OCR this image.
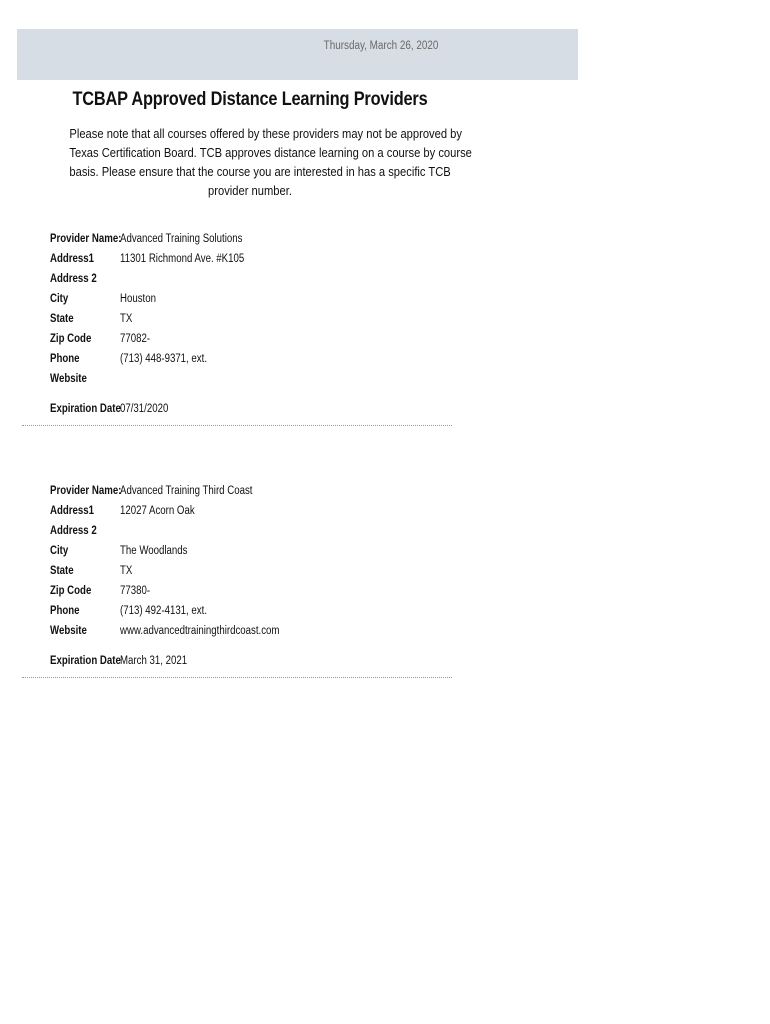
Thursday, March 26, 2020
TCBAP Approved Distance Learning Providers
Please note that all courses offered by these providers may not be approved by
Texas Certification Board. TCB approves distance learning on a course by course
basis. Please ensure that the course you are interested in has a specific TCB
provider number.
Provider Name:
Advanced Training Solutions
Address1 11301 Richmond Ave. #K105
Address 2
City	Houston
State	TX
Zip Code 77082-
Phone	(713) 448-9371, ext.
Website
Expiration Date 07/31/2020
Provider Name:
Advanced Training Third Coast
Address1 12027 Acorn Oak
Address 2
City	The Woodlands
State	TX
Zip Code 77380-
Phone	(713) 492-4131, ext.
Website	www.advancedtrainingthirdcoast.com
Expiration Date March 31, 2021
